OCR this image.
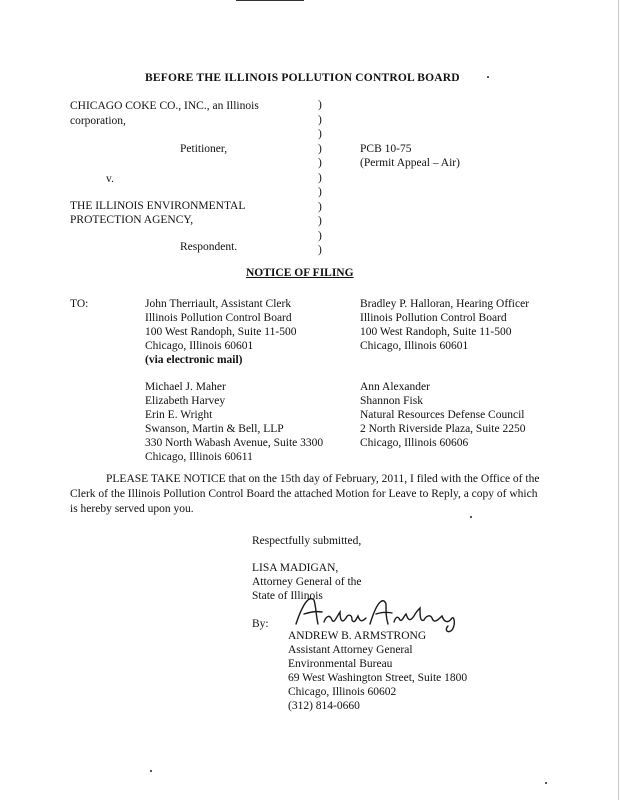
BEFORE THE ILLINOIS POLLUTION CONTROL BOARD
CHICAGO COKE CO., INC., an Illinois
corporation,
Petitioner,
v.
THE ILLINOIS ENVIRONMENTAL
PROTECTION AGENCY,
Respondent.
)
)
)
)
)
)
)
)
)
)
)
PCB 10-75
(Permit Appeal – Air)
NOTICE OF FILING
TO:	John Therriault, Assistant Clerk
Illinois Pollution Control Board
100 West Randoph, Suite 11-500
Chicago, Illinois 60601
(via electronic mail)
Bradley P. Halloran, Hearing Officer
Illinois Pollution Control Board
100 West Randoph, Suite 11-500
Chicago, Illinois 60601
Michael J. Maher
Elizabeth Harvey
Erin E. Wright
Swanson, Martin & Bell, LLP
330 North Wabash Avenue, Suite 3300
Chicago, Illinois 60611
Ann Alexander
Shannon Fisk
Natural Resources Defense Council
2 North Riverside Plaza, Suite 2250
Chicago, Illinois 60606
PLEASE TAKE NOTICE that on the 15th day of February, 2011, I filed with the Office of the Clerk of the Illinois Pollution Control Board the attached Motion for Leave to Reply, a copy of which is hereby served upon you.
Respectfully submitted,
LISA MADIGAN,
Attorney General of the
State of Illinois
By:
ANDREW B. ARMSTRONG
Assistant Attorney General
Environmental Bureau
69 West Washington Street, Suite 1800
Chicago, Illinois 60602
(312) 814-0660
